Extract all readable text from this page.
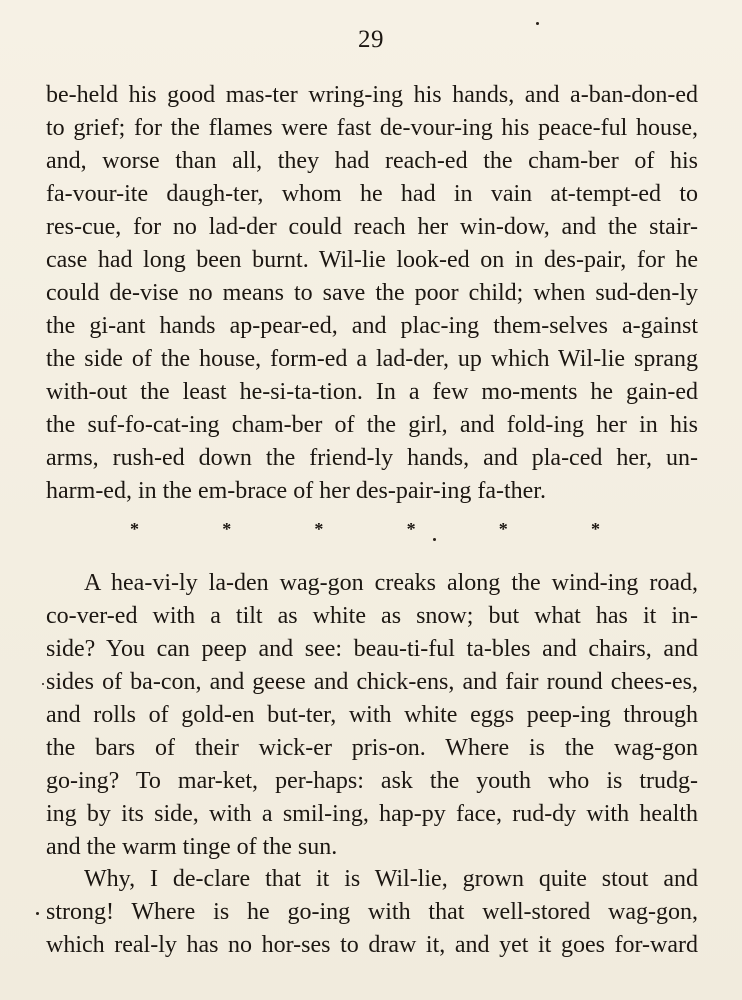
29
be-held his good mas-ter wring-ing his hands, and a-ban-don-ed
to grief; for the flames were fast de-vour-ing his peace-ful house,
and, worse than all, they had reach-ed the cham-ber of his
fa-vour-ite daugh-ter, whom he had in vain at-tempt-ed to
res-cue, for no lad-der could reach her win-dow, and the stair-
case had long been burnt. Wil-lie look-ed on in des-pair, for he
could de-vise no means to save the poor child; when sud-den-ly
the gi-ant hands ap-pear-ed, and plac-ing them-selves a-gainst
the side of the house, form-ed a lad-der, up which Wil-lie sprang
with-out the least he-si-ta-tion. In a few mo-ments he gain-ed
the suf-fo-cat-ing cham-ber of the girl, and fold-ing her in his
arms, rush-ed down the friend-ly hands, and pla-ced her, un-
harm-ed, in the em-brace of her des-pair-ing fa-ther.
*	*	*	*	*	*
A hea-vi-ly la-den wag-gon creaks along the wind-ing road,
co-ver-ed with a tilt as white as snow; but what has it in-
side? You can peep and see: beau-ti-ful ta-bles and chairs, and
sides of ba-con, and geese and chick-ens, and fair round chees-es,
and rolls of gold-en but-ter, with white eggs peep-ing through
the bars of their wick-er pris-on. Where is the wag-gon
go-ing? To mar-ket, per-haps: ask the youth who is trudg-
ing by its side, with a smil-ing, hap-py face, rud-dy with health
and the warm tinge of the sun.
Why, I de-clare that it is Wil-lie, grown quite stout and
strong! Where is he go-ing with that well-stored wag-gon,
which real-ly has no hor-ses to draw it, and yet it goes for-ward
